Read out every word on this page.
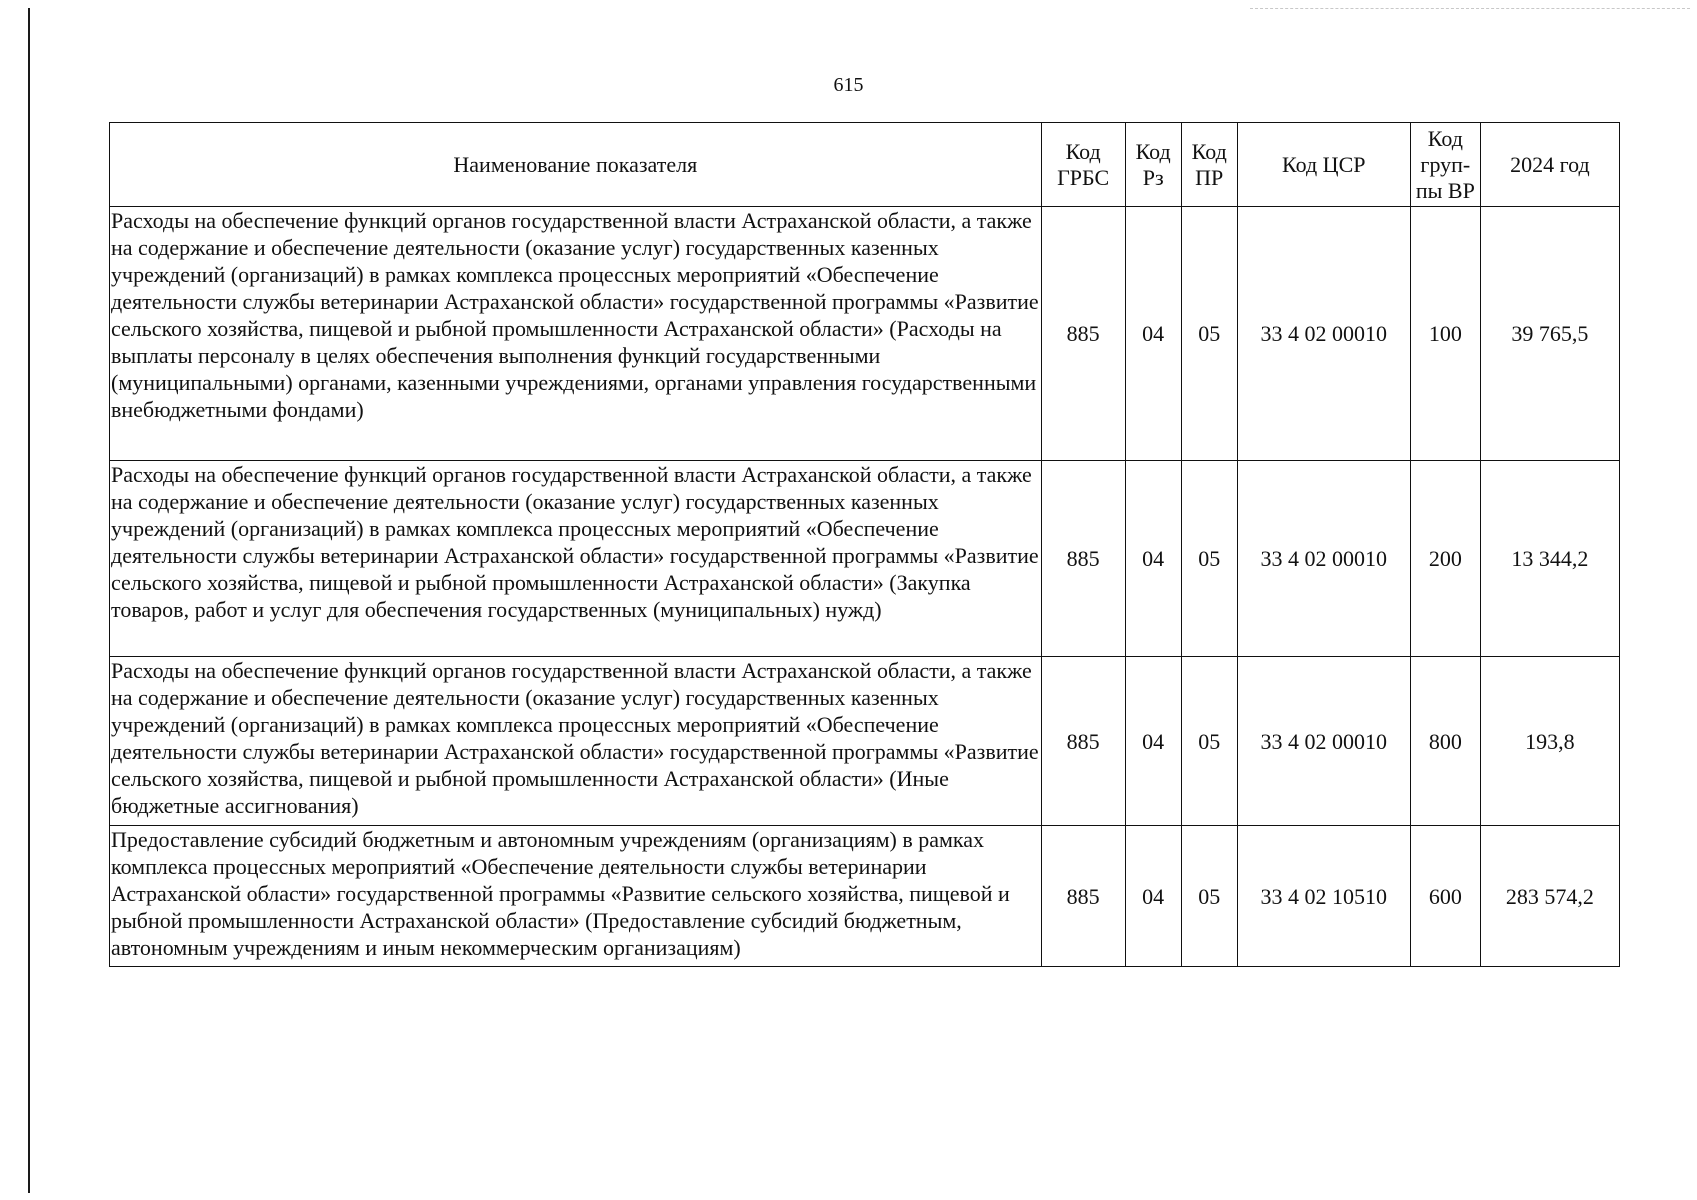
615
Наименование показателя	Код ГРБС	Код Рз	Код ПР	Код ЦСР	Код груп-пы ВР	2024 год
Расходы на обеспечение функций органов государственной власти Астраханской области, а также на содержание и обеспечение деятельности (оказание услуг) государственных казенных учреждений (организаций) в рамках комплекса процессных мероприятий «Обеспечение деятельности службы ветеринарии Астраханской области» государственной программы «Развитие сельского хозяйства, пищевой и рыбной промышленности Астраханской области» (Расходы на выплаты персоналу в целях обеспечения выполнения функций государственными (муниципальными) органами, казенными учреждениями, органами управления государственными внебюджетными фондами)	885	04	05	33 4 02 00010	100	39 765,5
Расходы на обеспечение функций органов государственной власти Астраханской области, а также на содержание и обеспечение деятельности (оказание услуг) государственных казенных учреждений (организаций) в рамках комплекса процессных мероприятий «Обеспечение деятельности службы ветеринарии Астраханской области» государственной программы «Развитие сельского хозяйства, пищевой и рыбной промышленности Астраханской области» (Закупка товаров, работ и услуг для обеспечения государственных (муниципальных) нужд)	885	04	05	33 4 02 00010	200	13 344,2
Расходы на обеспечение функций органов государственной власти Астраханской области, а также на содержание и обеспечение деятельности (оказание услуг) государственных казенных учреждений (организаций) в рамках комплекса процессных мероприятий «Обеспечение деятельности службы ветеринарии Астраханской области» государственной программы «Развитие сельского хозяйства, пищевой и рыбной промышленности Астраханской области» (Иные бюджетные ассигнования)	885	04	05	33 4 02 00010	800	193,8
Предоставление субсидий бюджетным и автономным учреждениям (организациям) в рамках комплекса процессных мероприятий «Обеспечение деятельности службы ветеринарии Астраханской области» государственной программы «Развитие сельского хозяйства, пищевой и рыбной промышленности Астраханской области» (Предоставление субсидий бюджетным, автономным учреждениям и иным некоммерческим организациям)	885	04	05	33 4 02 10510	600	283 574,2
